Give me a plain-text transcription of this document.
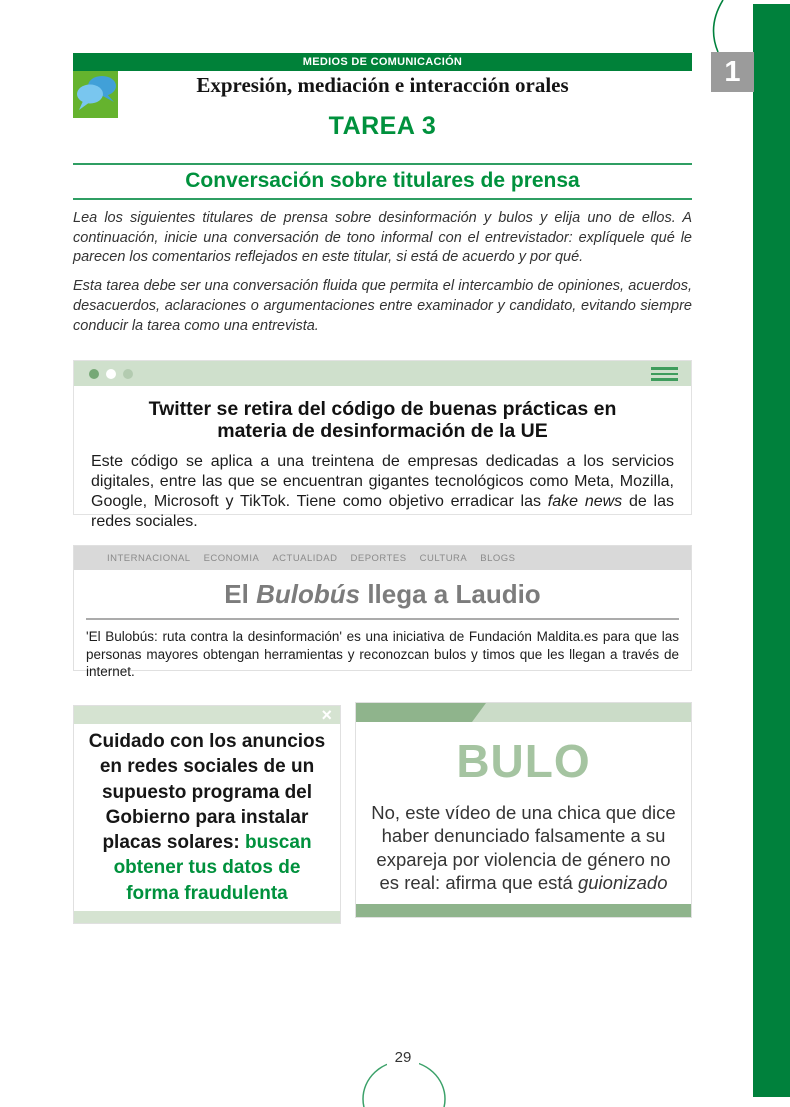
1
MEDIOS DE COMUNICACIÓN
Expresión, mediación e interacción orales
TAREA 3
Conversación sobre titulares de prensa

Lea los siguientes titulares de prensa sobre desinformación y bulos y elija uno de ellos. A continuación, inicie una conversación de tono informal con el entrevistador: explíquele qué le parecen los comentarios reflejados en este titular, si está de acuerdo y por qué.

Esta tarea debe ser una conversación fluida que permita el intercambio de opiniones, acuerdos, desacuerdos, aclaraciones o argumentaciones entre examinador y candidato, evitando siempre conducir la tarea como una entrevista.

Twitter se retira del código de buenas prácticas en materia de desinformación de la UE
Este código se aplica a una treintena de empresas dedicadas a los servicios digitales, entre las que se encuentran gigantes tecnológicos como Meta, Mozilla, Google, Microsoft y TikTok. Tiene como objetivo erradicar las fake news de las redes sociales.
INTERNACIONAL ECONOMIA ACTUALIDAD DEPORTES CULTURA BLOGS
El Bulobús llega a Laudio
'El Bulobús: ruta contra la desinformación' es una iniciativa de Fundación Maldita.es para que las personas mayores obtengan herramientas y reconozcan bulos y timos que les llegan a través de internet.
×
Cuidado con los anuncios en redes sociales de un supuesto programa del Gobierno para instalar placas solares: buscan obtener tus datos de forma fraudulenta
BULO
No, este vídeo de una chica que dice haber denunciado falsamente a su expareja por violencia de género no es real: afirma que está guionizado
29
